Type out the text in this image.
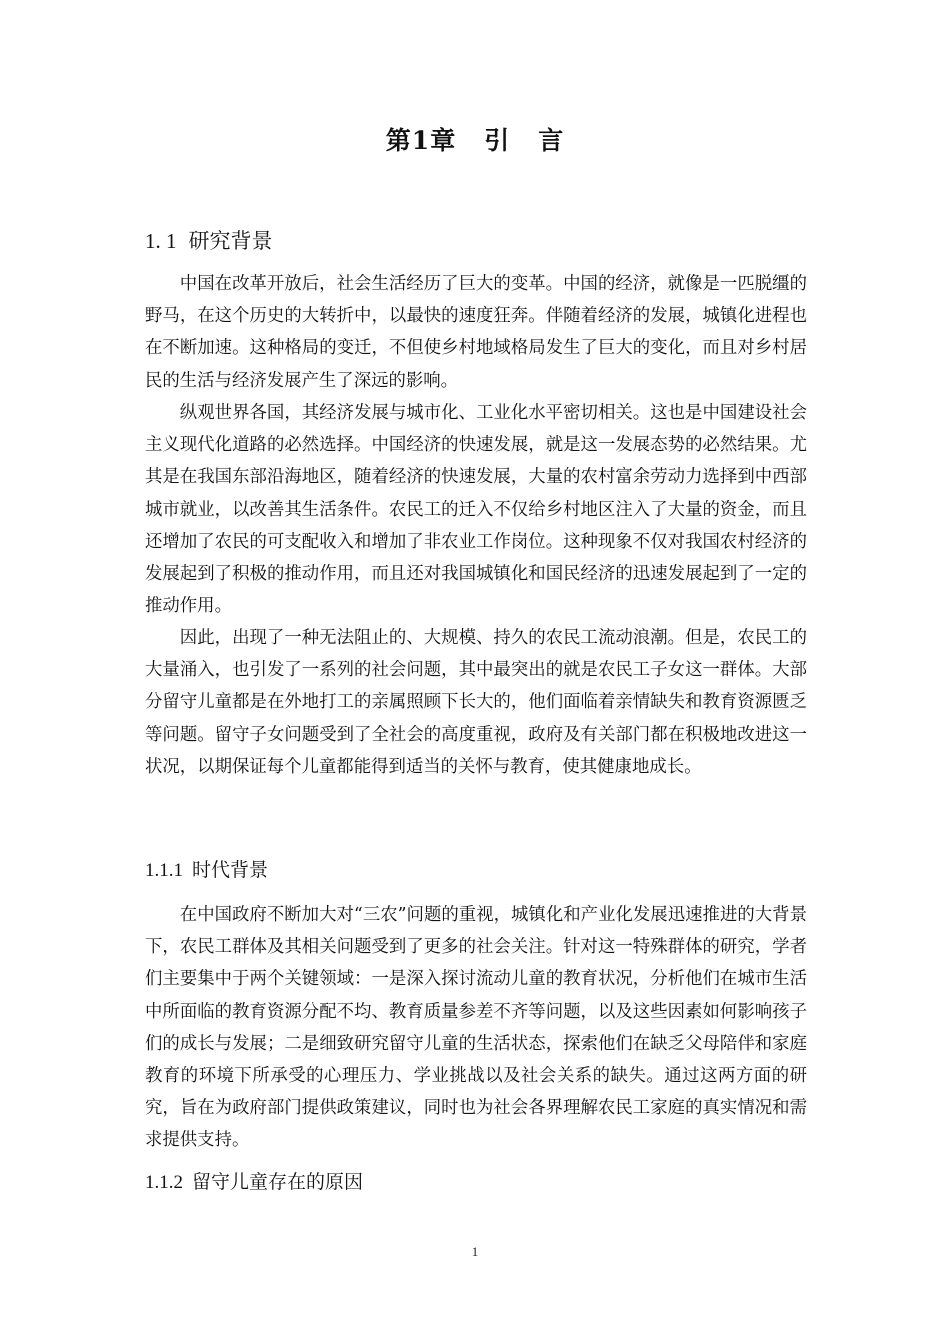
第1章 引 言
1. 1 研究背景

中国在改革开放后，社会生活经历了巨大的变革。中国的经济，就像是一匹脱缰的野马，在这个历史的大转折中，以最快的速度狂奔。伴随着经济的发展，城镇化进程也在不断加速。这种格局的变迁，不但使乡村地域格局发生了巨大的变化，而且对乡村居民的生活与经济发展产生了深远的影响。

纵观世界各国，其经济发展与城市化、工业化水平密切相关。这也是中国建设社会主义现代化道路的必然选择。中国经济的快速发展，就是这一发展态势的必然结果。尤其是在我国东部沿海地区，随着经济的快速发展，大量的农村富余劳动力选择到中西部城市就业，以改善其生活条件。农民工的迁入不仅给乡村地区注入了大量的资金，而且还增加了农民的可支配收入和增加了非农业工作岗位。这种现象不仅对我国农村经济的发展起到了积极的推动作用，而且还对我国城镇化和国民经济的迅速发展起到了一定的推动作用。

因此，出现了一种无法阻止的、大规模、持久的农民工流动浪潮。但是，农民工的大量涌入，也引发了一系列的社会问题，其中最突出的就是农民工子女这一群体。大部分留守儿童都是在外地打工的亲属照顾下长大的，他们面临着亲情缺失和教育资源匮乏等问题。留守子女问题受到了全社会的高度重视，政府及有关部门都在积极地改进这一状况，以期保证每个儿童都能得到适当的关怀与教育，使其健康地成长。

1.1.1 时代背景

在中国政府不断加大对“三农”问题的重视，城镇化和产业化发展迅速推进的大背景下，农民工群体及其相关问题受到了更多的社会关注。针对这一特殊群体的研究，学者们主要集中于两个关键领域：一是深入探讨流动儿童的教育状况，分析他们在城市生活中所面临的教育资源分配不均、教育质量参差不齐等问题，以及这些因素如何影响孩子们的成长与发展；二是细致研究留守儿童的生活状态，探索他们在缺乏父母陪伴和家庭教育的环境下所承受的心理压力、学业挑战以及社会关系的缺失。通过这两方面的研究，旨在为政府部门提供政策建议，同时也为社会各界理解农民工家庭的真实情况和需求提供支持。

1.1.2 留守儿童存在的原因
1
